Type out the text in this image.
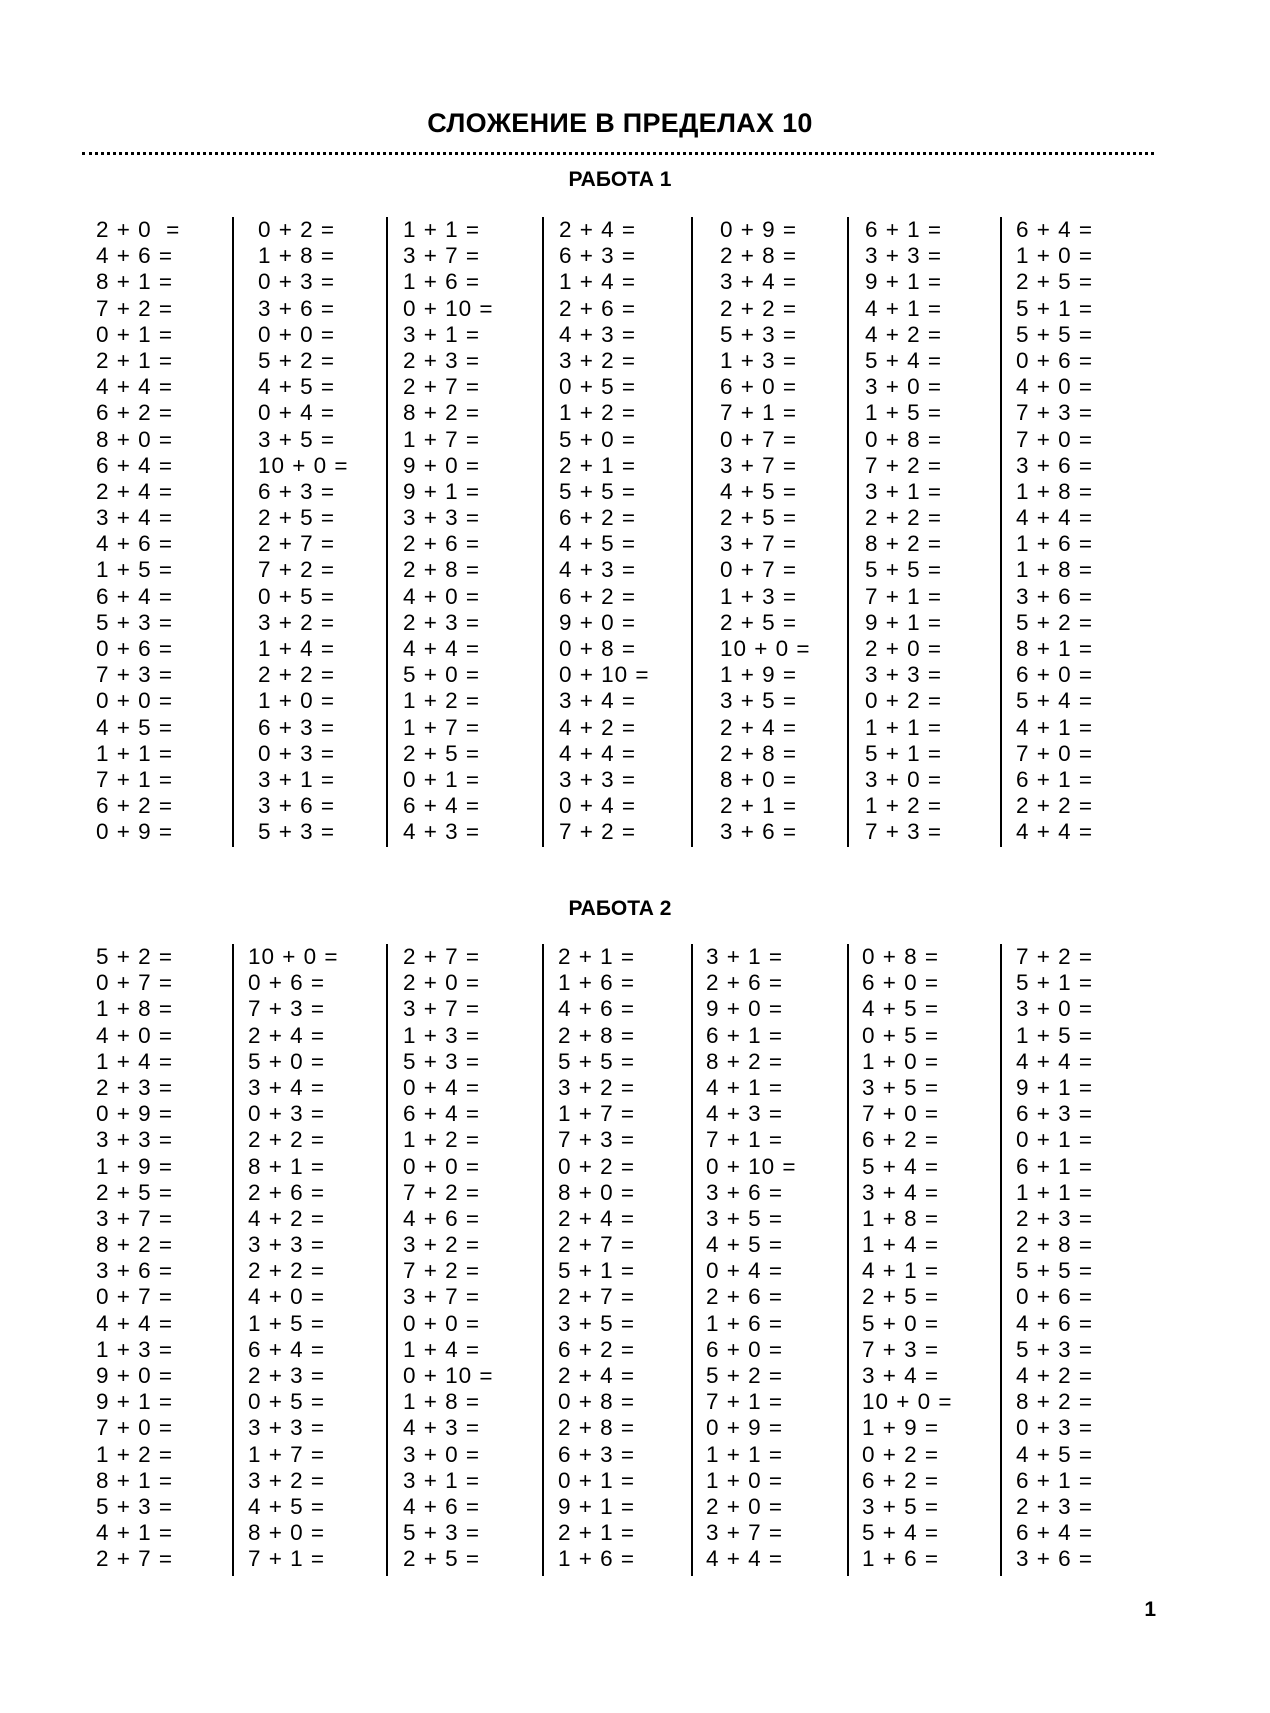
СЛОЖЕНИЕ В ПРЕДЕЛАХ 10
РАБОТА 1
2 + 0  =
4 + 6 =
8 + 1 =
7 + 2 =
0 + 1 =
2 + 1 =
4 + 4 =
6 + 2 =
8 + 0 =
6 + 4 =
2 + 4 =
3 + 4 =
4 + 6 =
1 + 5 =
6 + 4 =
5 + 3 =
0 + 6 =
7 + 3 =
0 + 0 =
4 + 5 =
1 + 1 =
7 + 1 =
6 + 2 =
0 + 9 =
0 + 2 =
1 + 8 =
0 + 3 =
3 + 6 =
0 + 0 =
5 + 2 =
4 + 5 =
0 + 4 =
3 + 5 =
10 + 0 =
6 + 3 =
2 + 5 =
2 + 7 =
7 + 2 =
0 + 5 =
3 + 2 =
1 + 4 =
2 + 2 =
1 + 0 =
6 + 3 =
0 + 3 =
3 + 1 =
3 + 6 =
5 + 3 =
1 + 1 =
3 + 7 =
1 + 6 =
0 + 10 =
3 + 1 =
2 + 3 =
2 + 7 =
8 + 2 =
1 + 7 =
9 + 0 =
9 + 1 =
3 + 3 =
2 + 6 =
2 + 8 =
4 + 0 =
2 + 3 =
4 + 4 =
5 + 0 =
1 + 2 =
1 + 7 =
2 + 5 =
0 + 1 =
6 + 4 =
4 + 3 =
2 + 4 =
6 + 3 =
1 + 4 =
2 + 6 =
4 + 3 =
3 + 2 =
0 + 5 =
1 + 2 =
5 + 0 =
2 + 1 =
5 + 5 =
6 + 2 =
4 + 5 =
4 + 3 =
6 + 2 =
9 + 0 =
0 + 8 =
0 + 10 =
3 + 4 =
4 + 2 =
4 + 4 =
3 + 3 =
0 + 4 =
7 + 2 =
0 + 9 =
2 + 8 =
3 + 4 =
2 + 2 =
5 + 3 =
1 + 3 =
6 + 0 =
7 + 1 =
0 + 7 =
3 + 7 =
4 + 5 =
2 + 5 =
3 + 7 =
0 + 7 =
1 + 3 =
2 + 5 =
10 + 0 =
1 + 9 =
3 + 5 =
2 + 4 =
2 + 8 =
8 + 0 =
2 + 1 =
3 + 6 =
6 + 1 =
3 + 3 =
9 + 1 =
4 + 1 =
4 + 2 =
5 + 4 =
3 + 0 =
1 + 5 =
0 + 8 =
7 + 2 =
3 + 1 =
2 + 2 =
8 + 2 =
5 + 5 =
7 + 1 =
9 + 1 =
2 + 0 =
3 + 3 =
0 + 2 =
1 + 1 =
5 + 1 =
3 + 0 =
1 + 2 =
7 + 3 =
6 + 4 =
1 + 0 =
2 + 5 =
5 + 1 =
5 + 5 =
0 + 6 =
4 + 0 =
7 + 3 =
7 + 0 =
3 + 6 =
1 + 8 =
4 + 4 =
1 + 6 =
1 + 8 =
3 + 6 =
5 + 2 =
8 + 1 =
6 + 0 =
5 + 4 =
4 + 1 =
7 + 0 =
6 + 1 =
2 + 2 =
4 + 4 =
РАБОТА 2
5 + 2 =
0 + 7 =
1 + 8 =
4 + 0 =
1 + 4 =
2 + 3 =
0 + 9 =
3 + 3 =
1 + 9 =
2 + 5 =
3 + 7 =
8 + 2 =
3 + 6 =
0 + 7 =
4 + 4 =
1 + 3 =
9 + 0 =
9 + 1 =
7 + 0 =
1 + 2 =
8 + 1 =
5 + 3 =
4 + 1 =
2 + 7 =
10 + 0 =
0 + 6 =
7 + 3 =
2 + 4 =
5 + 0 =
3 + 4 =
0 + 3 =
2 + 2 =
8 + 1 =
2 + 6 =
4 + 2 =
3 + 3 =
2 + 2 =
4 + 0 =
1 + 5 =
6 + 4 =
2 + 3 =
0 + 5 =
3 + 3 =
1 + 7 =
3 + 2 =
4 + 5 =
8 + 0 =
7 + 1 =
2 + 7 =
2 + 0 =
3 + 7 =
1 + 3 =
5 + 3 =
0 + 4 =
6 + 4 =
1 + 2 =
0 + 0 =
7 + 2 =
4 + 6 =
3 + 2 =
7 + 2 =
3 + 7 =
0 + 0 =
1 + 4 =
0 + 10 =
1 + 8 =
4 + 3 =
3 + 0 =
3 + 1 =
4 + 6 =
5 + 3 =
2 + 5 =
2 + 1 =
1 + 6 =
4 + 6 =
2 + 8 =
5 + 5 =
3 + 2 =
1 + 7 =
7 + 3 =
0 + 2 =
8 + 0 =
2 + 4 =
2 + 7 =
5 + 1 =
2 + 7 =
3 + 5 =
6 + 2 =
2 + 4 =
0 + 8 =
2 + 8 =
6 + 3 =
0 + 1 =
9 + 1 =
2 + 1 =
1 + 6 =
3 + 1 =
2 + 6 =
9 + 0 =
6 + 1 =
8 + 2 =
4 + 1 =
4 + 3 =
7 + 1 =
0 + 10 =
3 + 6 =
3 + 5 =
4 + 5 =
0 + 4 =
2 + 6 =
1 + 6 =
6 + 0 =
5 + 2 =
7 + 1 =
0 + 9 =
1 + 1 =
1 + 0 =
2 + 0 =
3 + 7 =
4 + 4 =
0 + 8 =
6 + 0 =
4 + 5 =
0 + 5 =
1 + 0 =
3 + 5 =
7 + 0 =
6 + 2 =
5 + 4 =
3 + 4 =
1 + 8 =
1 + 4 =
4 + 1 =
2 + 5 =
5 + 0 =
7 + 3 =
3 + 4 =
10 + 0 =
1 + 9 =
0 + 2 =
6 + 2 =
3 + 5 =
5 + 4 =
1 + 6 =
7 + 2 =
5 + 1 =
3 + 0 =
1 + 5 =
4 + 4 =
9 + 1 =
6 + 3 =
0 + 1 =
6 + 1 =
1 + 1 =
2 + 3 =
2 + 8 =
5 + 5 =
0 + 6 =
4 + 6 =
5 + 3 =
4 + 2 =
8 + 2 =
0 + 3 =
4 + 5 =
6 + 1 =
2 + 3 =
6 + 4 =
3 + 6 =
1
